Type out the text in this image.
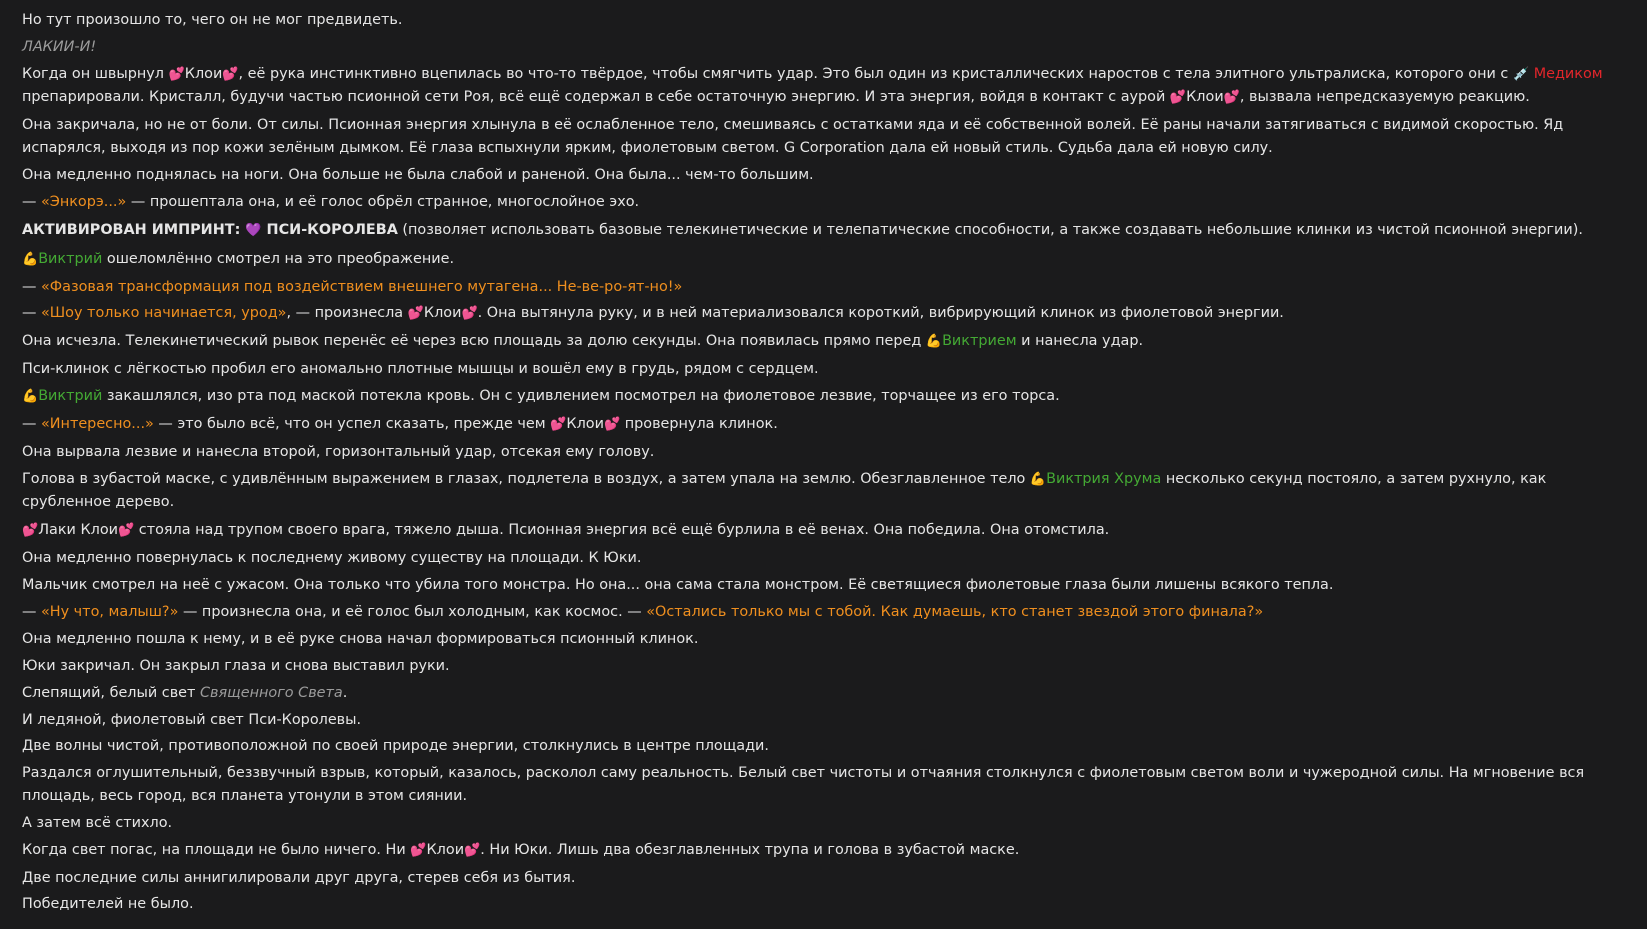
Но тут произошло то, чего он не мог предвидеть.

ЛАКИИ-И!

Когда он швырнул 💕Клои💕, её рука инстинктивно вцепилась во что-то твёрдое, чтобы смягчить удар. Это был один из кристаллических наростов с тела элитного ультралиска, которого они с 💉 Медиком препарировали. Кристалл, будучи частью псионной сети Роя, всё ещё содержал в себе остаточную энергию. И эта энергия, войдя в контакт с аурой 💕Клои💕, вызвала непредсказуемую реакцию.

Она закричала, но не от боли. От силы. Псионная энергия хлынула в её ослабленное тело, смешиваясь с остатками яда и её собственной волей. Её раны начали затягиваться с видимой скоростью. Яд испарялся, выходя из пор кожи зелёным дымком. Её глаза вспыхнули ярким, фиолетовым светом. G Corporation дала ей новый стиль. Судьба дала ей новую силу.

Она медленно поднялась на ноги. Она больше не была слабой и раненой. Она была... чем-то большим.

— «Энкорэ...» — прошептала она, и её голос обрёл странное, многослойное эхо.

АКТИВИРОВАН ИМПРИНТ: 💜 ПСИ-КОРОЛЕВА (позволяет использовать базовые телекинетические и телепатические способности, а также создавать небольшие клинки из чистой псионной энергии).

💪Виктрий ошеломлённо смотрел на это преображение.

— «Фазовая трансформация под воздействием внешнего мутагена... Не-ве-ро-ят-но!»

— «Шоу только начинается, урод», — произнесла 💕Клои💕. Она вытянула руку, и в ней материализовался короткий, вибрирующий клинок из фиолетовой энергии.

Она исчезла. Телекинетический рывок перенёс её через всю площадь за долю секунды. Она появилась прямо перед 💪Виктрием и нанесла удар.

Пси-клинок с лёгкостью пробил его аномально плотные мышцы и вошёл ему в грудь, рядом с сердцем.

💪Виктрий закашлялся, изо рта под маской потекла кровь. Он с удивлением посмотрел на фиолетовое лезвие, торчащее из его торса.

— «Интересно...» — это было всё, что он успел сказать, прежде чем 💕Клои💕 провернула клинок.

Она вырвала лезвие и нанесла второй, горизонтальный удар, отсекая ему голову.

Голова в зубастой маске, с удивлённым выражением в глазах, подлетела в воздух, а затем упала на землю. Обезглавленное тело 💪Виктрия Хрума несколько секунд постояло, а затем рухнуло, как срубленное дерево.

💕Лаки Клои💕 стояла над трупом своего врага, тяжело дыша. Псионная энергия всё ещё бурлила в её венах. Она победила. Она отомстила.

Она медленно повернулась к последнему живому существу на площади. К Юки.

Мальчик смотрел на неё с ужасом. Она только что убила того монстра. Но она... она сама стала монстром. Её светящиеся фиолетовые глаза были лишены всякого тепла.

— «Ну что, малыш?» — произнесла она, и её голос был холодным, как космос. — «Остались только мы с тобой. Как думаешь, кто станет звездой этого финала?»

Она медленно пошла к нему, и в её руке снова начал формироваться псионный клинок.

Юки закричал. Он закрыл глаза и снова выставил руки.

Слепящий, белый свет Священного Света.

И ледяной, фиолетовый свет Пси-Королевы.

Две волны чистой, противоположной по своей природе энергии, столкнулись в центре площади.

Раздался оглушительный, беззвучный взрыв, который, казалось, расколол саму реальность. Белый свет чистоты и отчаяния столкнулся с фиолетовым светом воли и чужеродной силы. На мгновение вся площадь, весь город, вся планета утонули в этом сиянии.

А затем всё стихло.

Когда свет погас, на площади не было ничего. Ни 💕Клои💕. Ни Юки. Лишь два обезглавленных трупа и голова в зубастой маске.

Две последние силы аннигилировали друг друга, стерев себя из бытия.

Победителей не было.
